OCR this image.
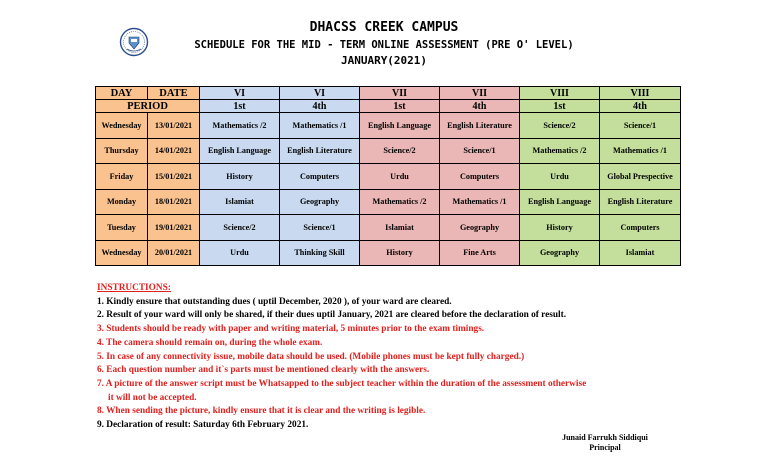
DHACSS CREEK CAMPUS
SCHEDULE FOR THE MID - TERM ONLINE ASSESSMENT (PRE O' LEVEL)
JANUARY(2021)
DAY	DATE	VI	VI	VII	VII	VIII	VIII
PERIOD		1st	4th	1st	4th	1st	4th
Wednesday	13/01/2021	Mathematics /2	Mathematics /1	English Language	English Literature	Science/2	Science/1
Thursday	14/01/2021	English Language	English Literature	Science/2	Science/1	Mathematics /2	Mathematics /1
Friday	15/01/2021	History	Computers	Urdu	Computers	Urdu	Global Prespective
Monday	18/01/2021	Islamiat	Geography	Mathematics /2	Mathematics /1	English Language	English Literature
Tuesday	19/01/2021	Science/2	Science/1	Islamiat	Geography	History	Computers
Wednesday	20/01/2021	Urdu	Thinking Skill	History	Fine Arts	Geography	Islamiat
INSTRUCTIONS:
1. Kindly ensure that outstanding dues ( uptil December, 2020 ), of your ward are cleared.
2. Result of your ward will only be shared, if their dues uptil January, 2021 are cleared before the declaration of result.
3. Students should be ready with paper and writing material, 5 minutes prior to the exam timings.
4. The camera should remain on, during the whole exam.
5. In case of any connectivity issue, mobile data should be used. (Mobile phones must be kept fully charged.)
6. Each question number and it`s parts must be mentioned clearly with the answers.
7. A picture of the answer script must be Whatsapped to the subject teacher within the duration of the assessment otherwise
it will not be accepted.
8. When sending the picture, kindly ensure that it is clear and the writing is legible.
9. Declaration of result: Saturday 6th February 2021.
Junaid Farrukh Siddiqui
Principal
